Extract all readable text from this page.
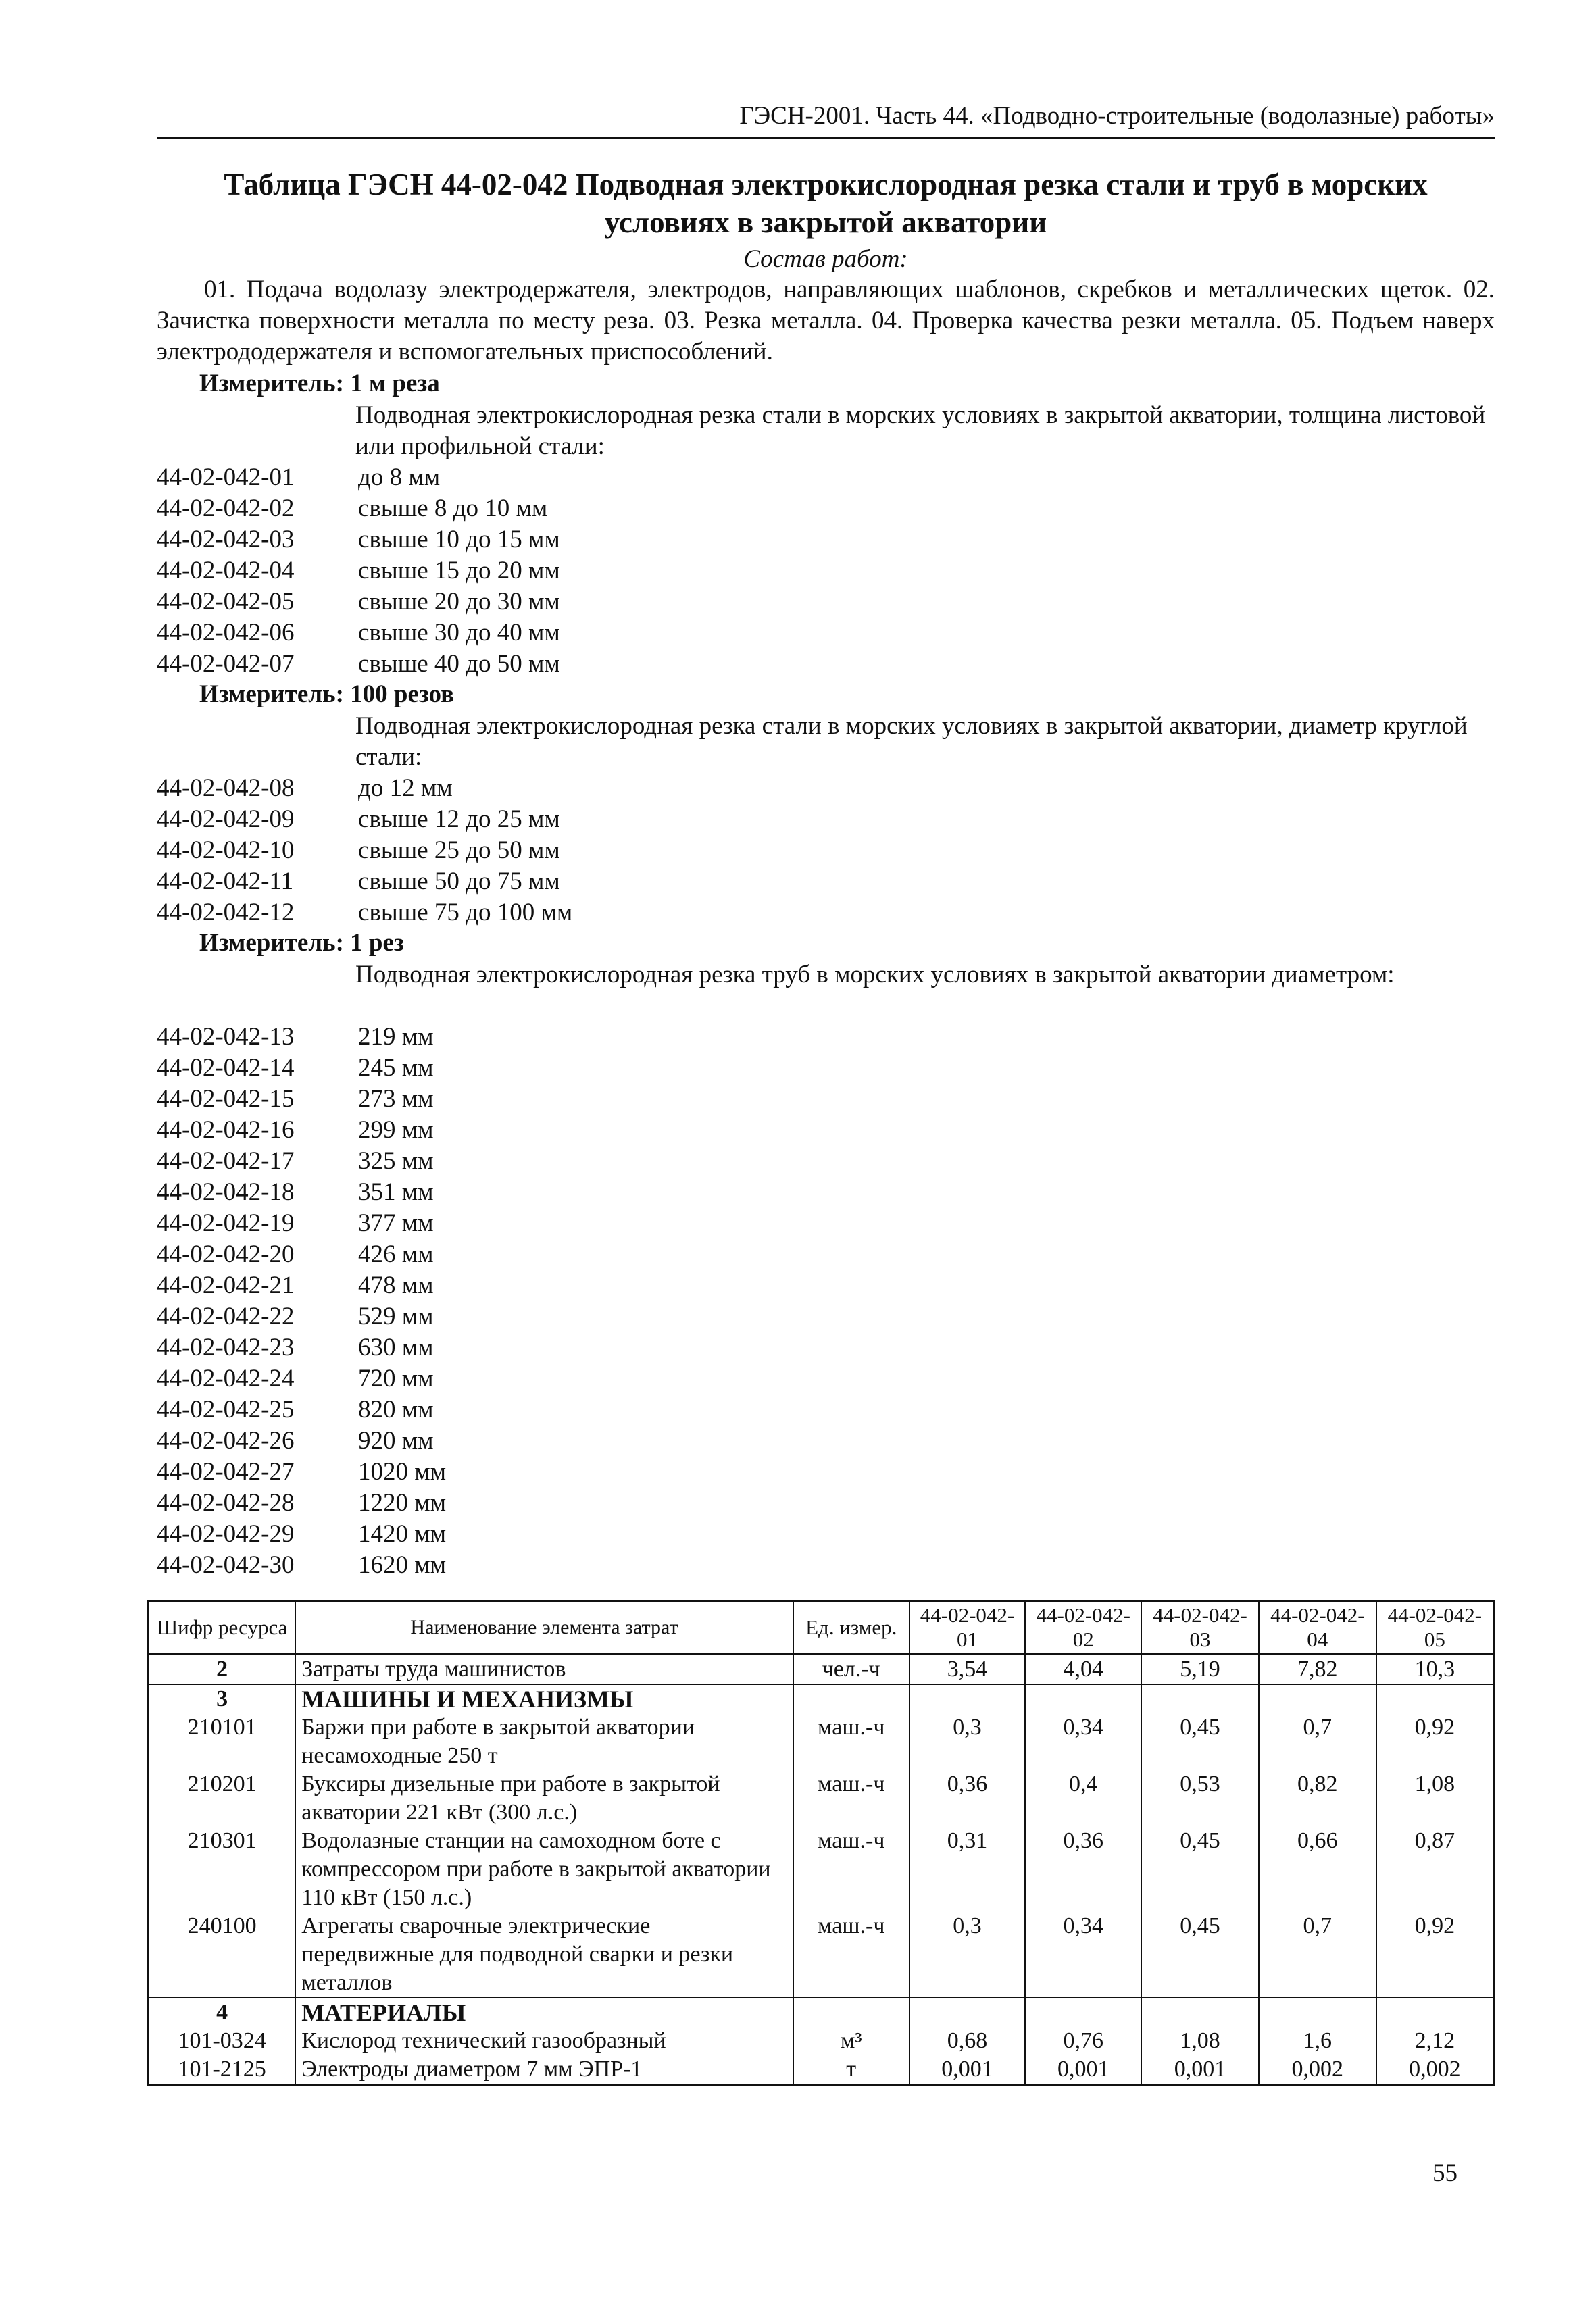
ГЭСН-2001. Часть 44. «Подводно-строительные (водолазные) работы»
Таблица ГЭСН 44-02-042 Подводная электрокислородная резка стали и труб в морских
условиях в закрытой акватории
Состав работ:

01. Подача водолазу электродержателя, электродов, направляющих шаблонов, скребков и металлических щеток. 02. Зачистка поверхности металла по месту реза. 03. Резка металла. 04. Проверка качества резки металла. 05. Подъем наверх электрододержателя и вспомогательных приспособлений.

Измеритель: 1 м реза
Подводная электрокислородная резка стали в морских условиях в закрытой акватории, толщина листовой или профильной стали:
44-02-042-01	до 8 мм
44-02-042-02	свыше 8 до 10 мм
44-02-042-03	свыше 10 до 15 мм
44-02-042-04	свыше 15 до 20 мм
44-02-042-05	свыше 20 до 30 мм
44-02-042-06	свыше 30 до 40 мм
44-02-042-07	свыше 40 до 50 мм
Измеритель: 100 резов
Подводная электрокислородная резка стали в морских условиях в закрытой акватории, диаметр круглой стали:
44-02-042-08	до 12 мм
44-02-042-09	свыше 12 до 25 мм
44-02-042-10	свыше 25 до 50 мм
44-02-042-11	свыше 50 до 75 мм
44-02-042-12	свыше 75 до 100 мм
Измеритель: 1 рез
Подводная электрокислородная резка труб в морских условиях в закрытой акватории диаметром:
44-02-042-13	219 мм
44-02-042-14	245 мм
44-02-042-15	273 мм
44-02-042-16	299 мм
44-02-042-17	325 мм
44-02-042-18	351 мм
44-02-042-19	377 мм
44-02-042-20	426 мм
44-02-042-21	478 мм
44-02-042-22	529 мм
44-02-042-23	630 мм
44-02-042-24	720 мм
44-02-042-25	820 мм
44-02-042-26	920 мм
44-02-042-27	1020 мм
44-02-042-28	1220 мм
44-02-042-29	1420 мм
44-02-042-30	1620 мм
Шифр ресурса	Наименование элемента затрат	Ед. измер.	44-02-042-01	44-02-042-02	44-02-042-03	44-02-042-04	44-02-042-05
2	Затраты труда машинистов	чел.-ч	3,54	4,04	5,19	7,82	10,3
3	МАШИНЫ И МЕХАНИЗМЫ						
210101	Баржи при работе в закрытой акватории несамоходные 250 т	маш.-ч	0,3	0,34	0,45	0,7	0,92
210201	Буксиры дизельные при работе в закрытой акватории 221 кВт (300 л.с.)	маш.-ч	0,36	0,4	0,53	0,82	1,08
210301	Водолазные станции на самоходном боте с компрессором при работе в закрытой акватории 110 кВт (150 л.с.)	маш.-ч	0,31	0,36	0,45	0,66	0,87
240100	Агрегаты сварочные электрические передвижные для подводной сварки и резки металлов	маш.-ч	0,3	0,34	0,45	0,7	0,92
4	МАТЕРИАЛЫ						
101-0324	Кислород технический газообразный	м³	0,68	0,76	1,08	1,6	2,12
101-2125	Электроды диаметром 7 мм ЭПР-1	т	0,001	0,001	0,001	0,002	0,002
55
